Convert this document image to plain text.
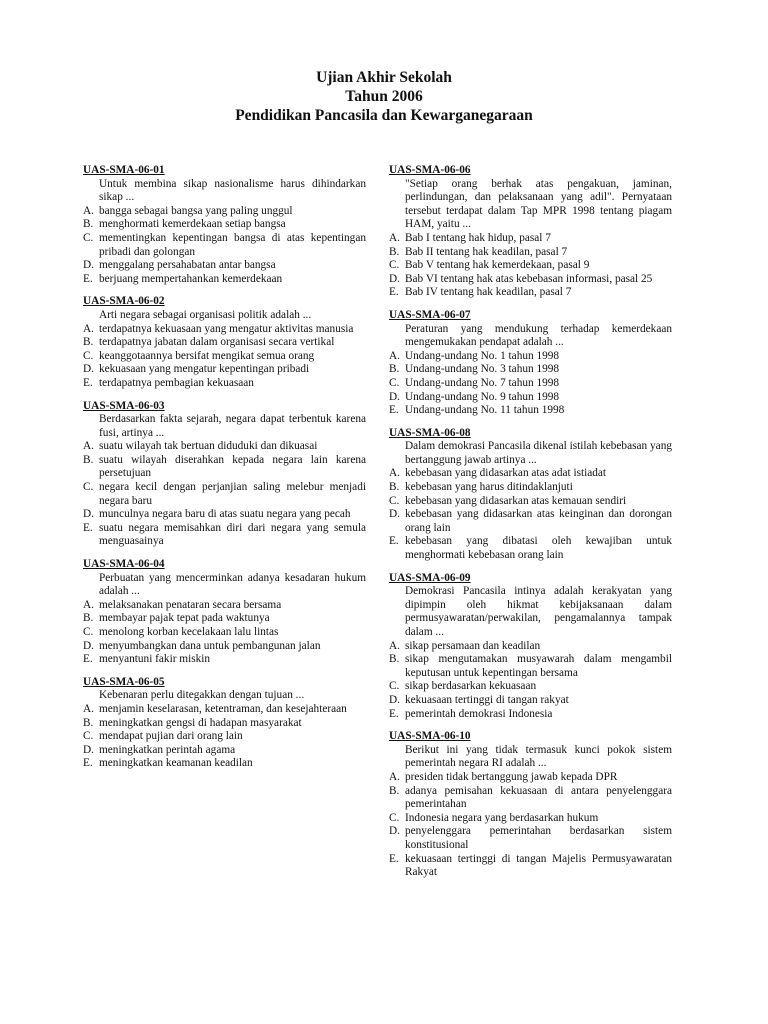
Ujian Akhir Sekolah
Tahun 2006
Pendidikan Pancasila dan Kewarganegaraan
UAS-SMA-06-01
Untuk membina sikap nasionalisme harus dihindarkan sikap ...
A. bangga sebagai bangsa yang paling unggul
B. menghormati kemerdekaan setiap bangsa
C. mementingkan kepentingan bangsa di atas kepentingan pribadi dan golongan
D. menggalang persahabatan antar bangsa
E. berjuang mempertahankan kemerdekaan
UAS-SMA-06-02
Arti negara sebagai organisasi politik adalah ...
A. terdapatnya kekuasaan yang mengatur aktivitas manusia
B. terdapatnya jabatan dalam organisasi secara vertikal
C. keanggotaannya bersifat mengikat semua orang
D. kekuasaan yang mengatur kepentingan pribadi
E. terdapatnya pembagian kekuasaan
UAS-SMA-06-03
Berdasarkan fakta sejarah, negara dapat terbentuk karena fusi, artinya ...
A. suatu wilayah tak bertuan diduduki dan dikuasai
B. suatu wilayah diserahkan kepada negara lain karena persetujuan
C. negara kecil dengan perjanjian saling melebur menjadi negara baru
D. munculnya negara baru di atas suatu negara yang pecah
E. suatu negara memisahkan diri dari negara yang semula menguasainya
UAS-SMA-06-04
Perbuatan yang mencerminkan adanya kesadaran hukum adalah ...
A. melaksanakan penataran secara bersama
B. membayar pajak tepat pada waktunya
C. menolong korban kecelakaan lalu lintas
D. menyumbangkan dana untuk pembangunan jalan
E. menyantuni fakir miskin
UAS-SMA-06-05
Kebenaran perlu ditegakkan dengan tujuan ...
A. menjamin keselarasan, ketentraman, dan kesejahteraan
B. meningkatkan gengsi di hadapan masyarakat
C. mendapat pujian dari orang lain
D. meningkatkan perintah agama
E. meningkatkan keamanan keadilan
UAS-SMA-06-06
"Setiap orang berhak atas pengakuan, jaminan, perlindungan, dan pelaksanaan yang adil". Pernyataan tersebut terdapat dalam Tap MPR 1998 tentang piagam HAM, yaitu ...
A. Bab I tentang hak hidup, pasal 7
B. Bab II tentang hak keadilan, pasal 7
C. Bab V tentang hak kemerdekaan, pasal 9
D. Bab VI tentang hak atas kebebasan informasi, pasal 25
E. Bab IV tentang hak keadilan, pasal 7
UAS-SMA-06-07
Peraturan yang mendukung terhadap kemerdekaan mengemukakan pendapat adalah ...
A. Undang-undang No. 1 tahun 1998
B. Undang-undang No. 3 tahun 1998
C. Undang-undang No. 7 tahun 1998
D. Undang-undang No. 9 tahun 1998
E. Undang-undang No. 11 tahun 1998
UAS-SMA-06-08
Dalam demokrasi Pancasila dikenal istilah kebebasan yang bertanggung jawab artinya ...
A. kebebasan yang didasarkan atas adat istiadat
B. kebebasan yang harus ditindaklanjuti
C. kebebasan yang didasarkan atas kemauan sendiri
D. kebebasan yang didasarkan atas keinginan dan dorongan orang lain
E. kebebasan yang dibatasi oleh kewajiban untuk menghormati kebebasan orang lain
UAS-SMA-06-09
Demokrasi Pancasila intinya adalah kerakyatan yang dipimpin oleh hikmat kebijaksanaan dalam permusyawaratan/perwakilan, pengamalannya tampak dalam ...
A. sikap persamaan dan keadilan
B. sikap mengutamakan musyawarah dalam mengambil keputusan untuk kepentingan bersama
C. sikap berdasarkan kekuasaan
D. kekuasaan tertinggi di tangan rakyat
E. pemerintah demokrasi Indonesia
UAS-SMA-06-10
Berikut ini yang tidak termasuk kunci pokok sistem pemerintah negara RI adalah ...
A. presiden tidak bertanggung jawab kepada DPR
B. adanya pemisahan kekuasaan di antara penyelenggara pemerintahan
C. Indonesia negara yang berdasarkan hukum
D. penyelenggara pemerintahan berdasarkan sistem konstitusional
E. kekuasaan tertinggi di tangan Majelis Permusyawaratan Rakyat
